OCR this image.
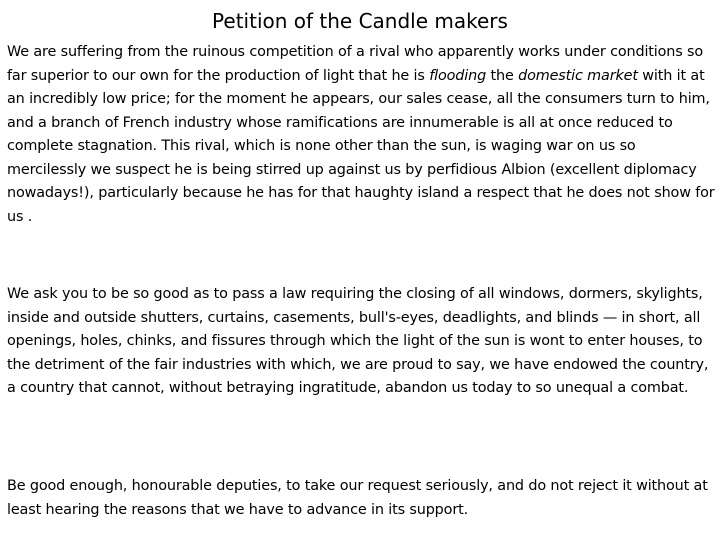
Petition of the Candle makers

We are suffering from the ruinous competition of a rival who apparently works under conditions so far superior to our own for the production of light that he is flooding the domestic market with it at an incredibly low price; for the moment he appears, our sales cease, all the consumers turn to him, and a branch of French industry whose ramifications are innumerable is all at once reduced to complete stagnation. This rival, which is none other than the sun, is waging war on us so mercilessly we suspect he is being stirred up against us by perfidious Albion (excellent diplomacy nowadays!), particularly because he has for that haughty island a respect that he does not show for us .

We ask you to be so good as to pass a law requiring the closing of all windows, dormers, skylights, inside and outside shutters, curtains, casements, bull's-eyes, deadlights, and blinds — in short, all openings, holes, chinks, and fissures through which the light of the sun is wont to enter houses, to the detriment of the fair industries with which, we are proud to say, we have endowed the country, a country that cannot, without betraying ingratitude, abandon us today to so unequal a combat.

Be good enough, honourable deputies, to take our request seriously, and do not reject it without at least hearing the reasons that we have to advance in its support.
